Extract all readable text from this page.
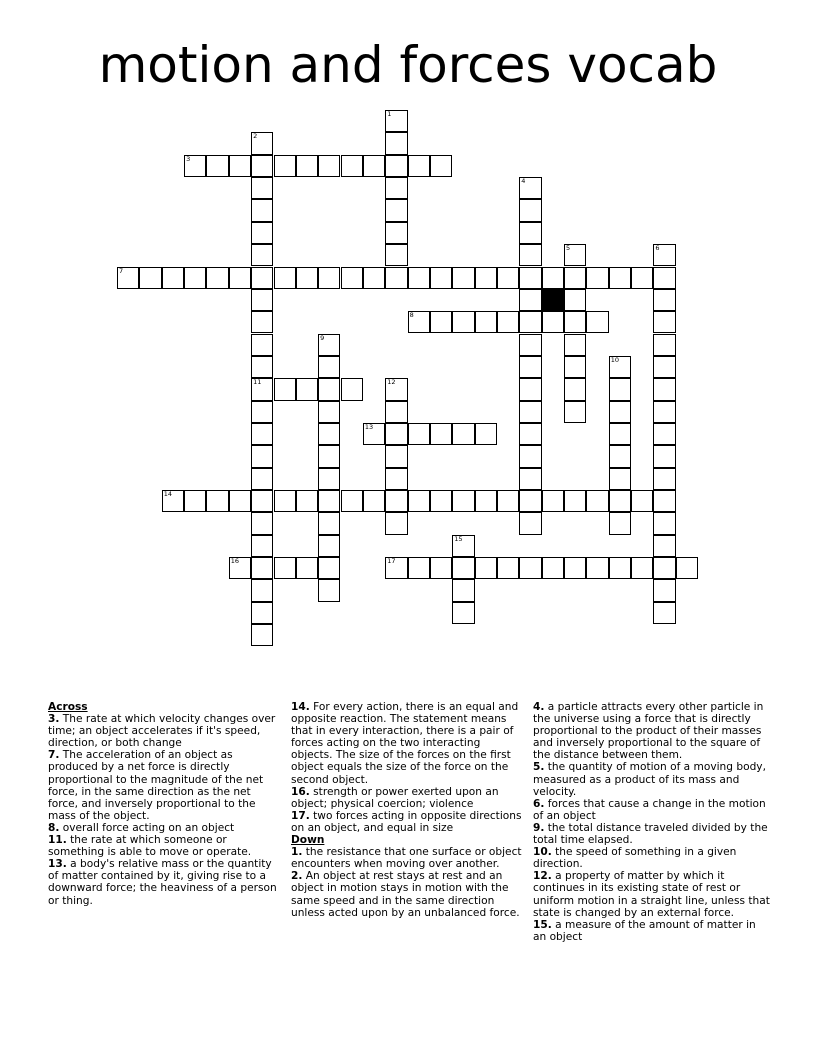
motion and forces vocab
3
7
8
11
13
14
16	17
1
2
4
5	6
9
10
12
15
Across

3. The rate at which velocity changes over time; an object accelerates if it's speed, direction, or both change

7. The acceleration of an object as produced by a net force is directly proportional to the magnitude of the net force, in the same direction as the net force, and inversely proportional to the mass of the object.

8. overall force acting on an object

11. the rate at which someone or something is able to move or operate.

13. a body's relative mass or the quantity of matter contained by it, giving rise to a downward force; the heaviness of a person or thing.

14. For every action, there is an equal and opposite reaction. The statement means that in every interaction, there is a pair of forces acting on the two interacting objects. The size of the forces on the first object equals the size of the force on the second object.

16. strength or power exerted upon an object; physical coercion; violence

17. two forces acting in opposite directions on an object, and equal in size

Down

1. the resistance that one surface or object encounters when moving over another.

2. An object at rest stays at rest and an object in motion stays in motion with the same speed and in the same direction unless acted upon by an unbalanced force.

4. a particle attracts every other particle in the universe using a force that is directly proportional to the product of their masses and inversely proportional to the square of the distance between them.

5. the quantity of motion of a moving body, measured as a product of its mass and velocity.

6. forces that cause a change in the motion of an object

9. the total distance traveled divided by the total time elapsed.

10. the speed of something in a given direction.

12. a property of matter by which it continues in its existing state of rest or uniform motion in a straight line, unless that state is changed by an external force.

15. a measure of the amount of matter in an object
